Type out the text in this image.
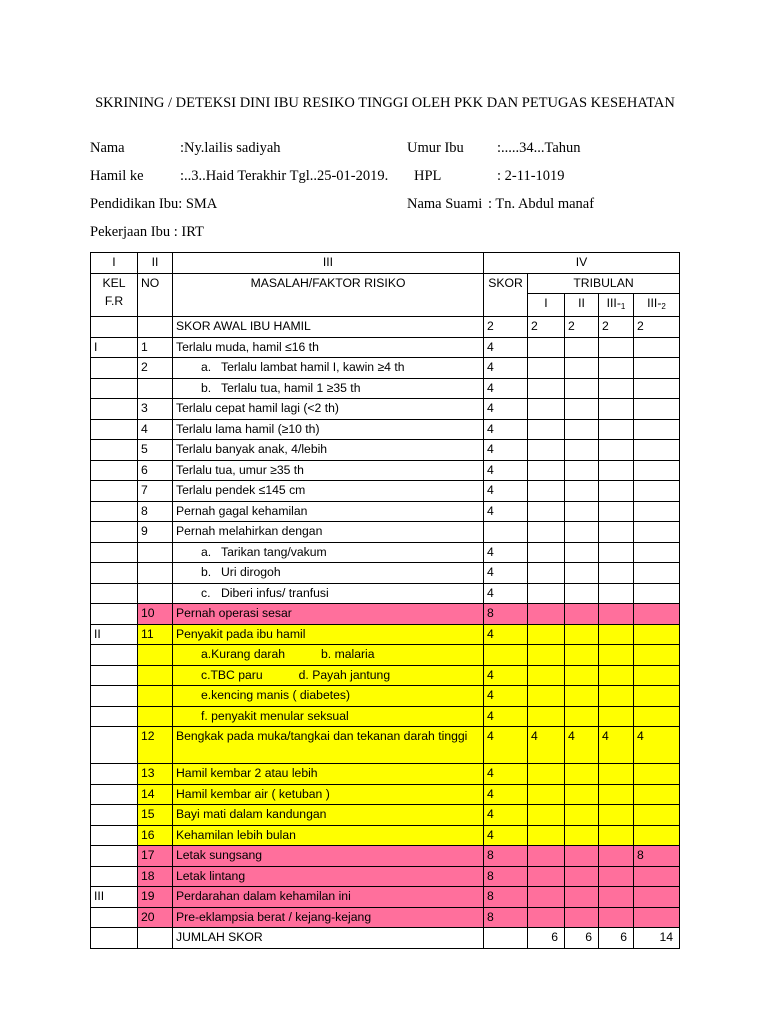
SKRINING / DETEKSI DINI IBU RESIKO TINGGI OLEH PKK DAN PETUGAS KESEHATAN
Nama	:Ny.lailis sadiyah	Umur Ibu :.....34...Tahun
Hamil ke	:..3..Haid Terakhir Tgl..25-01-2019. HPL	: 2-11-1019
Pendidikan Ibu: SMA	Nama Suami : Tn. Abdul manaf
Pekerjaan Ibu : IRT
I	II	III	IV				
KEL
F.R	NO	MASALAH/FAKTOR RISIKO	SKOR	TRIBULAN			
				I	II	III-$_1$	III-$_2$
		SKOR AWAL IBU HAMIL	2	2	2	2	2
I	1	Terlalu muda, hamil ≤16 th	4				
	2	a. Terlalu lambat hamil I, kawin ≥4 th	4				
		b. Terlalu tua, hamil 1 ≥35 th	4				
	3	Terlalu cepat hamil lagi (<2 th)	4				
	4	Terlalu lama hamil (≥10 th)	4				
	5	Terlalu banyak anak, 4/lebih	4				
	6	Terlalu tua, umur ≥35 th	4				
	7	Terlalu pendek ≤145 cm	4				
	8	Pernah gagal kehamilan	4				
	9	Pernah melahirkan dengan					
		a. Tarikan tang/vakum	4				
		b. Uri dirogoh	4				
		c. Diberi infus/ tranfusi	4				
	10	Pernah operasi sesar	8				
II	11	Penyakit pada ibu hamil	4				
		a.Kurang darah b. malaria					
		c.TBC paru d. Payah jantung	4				
		e.kencing manis ( diabetes)	4				
		f. penyakit menular seksual	4				
	12	Bengkak pada muka/tangkai dan tekanan darah tinggi	4	4	4	4	4
	13	Hamil kembar 2 atau lebih	4				
	14	Hamil kembar air ( ketuban )	4				
	15	Bayi mati dalam kandungan	4				
	16	Kehamilan lebih bulan	4				
	17	Letak sungsang	8				8
	18	Letak lintang	8				
III	19	Perdarahan dalam kehamilan ini	8				
	20	Pre-eklampsia berat / kejang-kejang	8				
		JUMLAH SKOR		6	6	6	14
